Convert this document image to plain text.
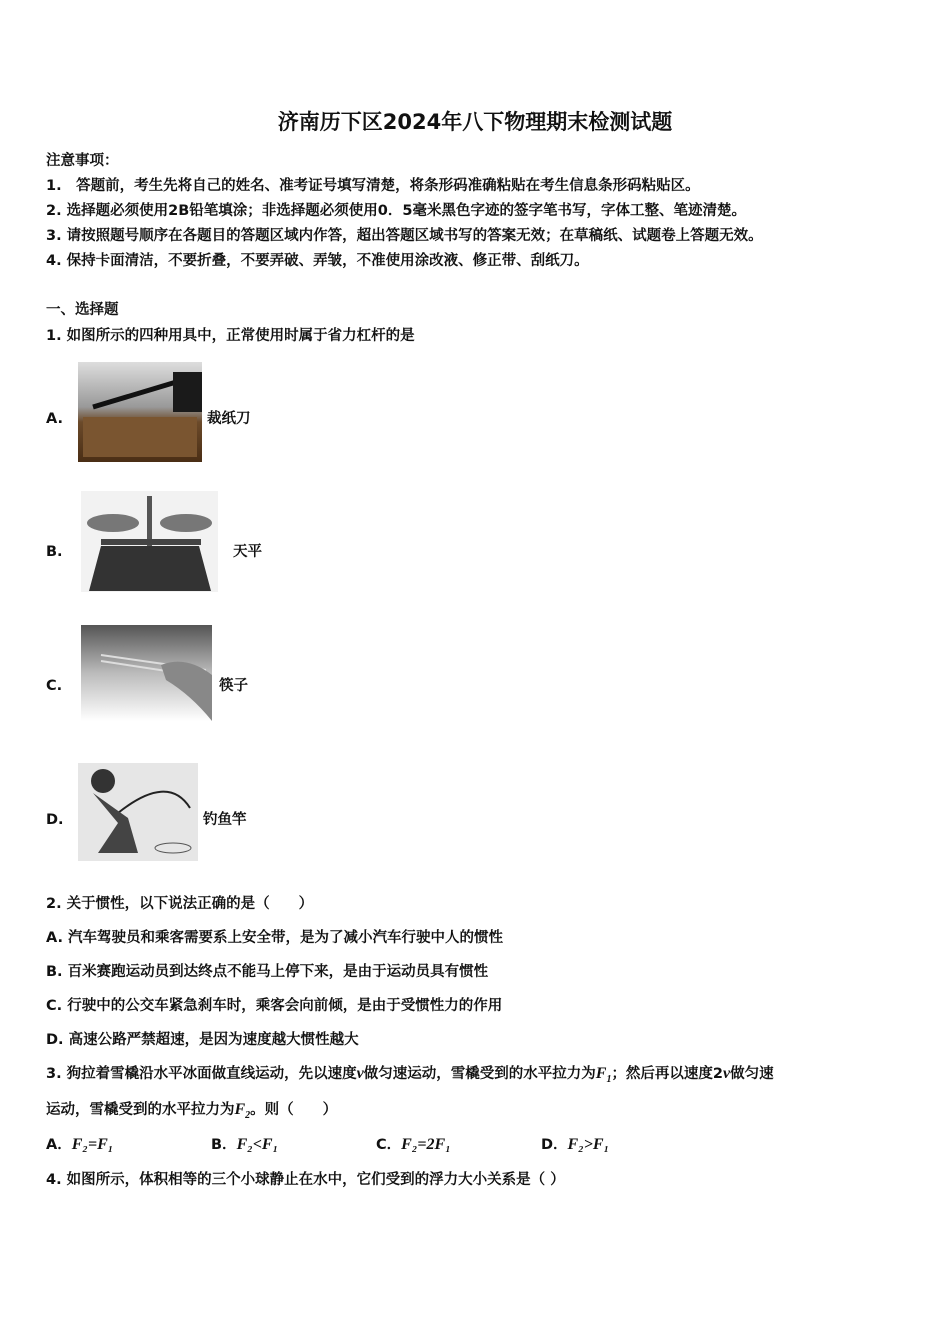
济南历下区2024年八下物理期末检测试题
注意事项：
1.　答题前，考生先将自己的姓名、准考证号填写清楚，将条形码准确粘贴在考生信息条形码粘贴区。
2. 选择题必须使用2B铅笔填涂；非选择题必须使用0．5毫米黑色字迹的签字笔书写，字体工整、笔迹清楚。
3. 请按照题号顺序在各题目的答题区域内作答，超出答题区域书写的答案无效；在草稿纸、试题卷上答题无效。
4. 保持卡面清洁，不要折叠，不要弄破、弄皱，不准使用涂改液、修正带、刮纸刀。
一、选择题
1. 如图所示的四种用具中，正常使用时属于省力杠杆的是
A.	裁纸刀
B.	天平
C.	筷子
D.	钓鱼竿
2. 关于惯性，以下说法正确的是（　　）
A. 汽车驾驶员和乘客需要系上安全带，是为了减小汽车行驶中人的惯性
B. 百米赛跑运动员到达终点不能马上停下来，是由于运动员具有惯性
C. 行驶中的公交车紧急刹车时，乘客会向前倾，是由于受惯性力的作用
D. 高速公路严禁超速，是因为速度越大惯性越大
3. 狗拉着雪橇沿水平冰面做直线运动，先以速度v做匀速运动，雪橇受到的水平拉力为$F_1$；然后再以速度2v做匀速
运动，雪橇受到的水平拉力为$F_2$。则（　　）
A．F₂=F₁	B．F₂<F₁	C．F₂=2F₁	D．F₂>F₁
4. 如图所示，体积相等的三个小球静止在水中，它们受到的浮力大小关系是（ ）
